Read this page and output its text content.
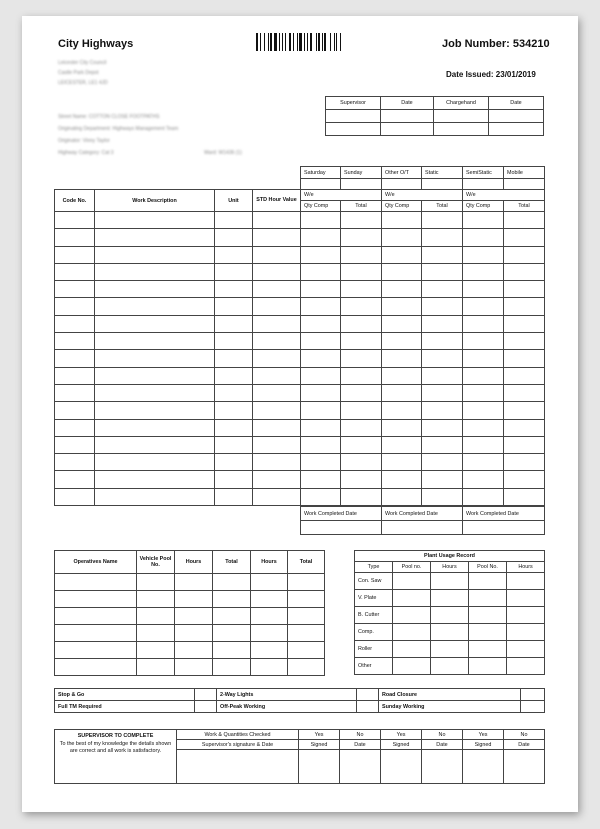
City Highways	Job Number: 534210
Date Issued: 23/01/2019
Leicester City Council
Castle Park Depot
LEICESTER, LE1 4JD
Street Name: COTTON CLOSE FOOTPATHS
Originating Department: Highways Management Team
Originator: Vinny Taylor
Highway Category: Cat 3	Ward: W1436 (1)
Supervisor	Date	Chargehand	Date

Saturday	Sunday	Other O/T	Static	SemiStatic	Mobile

Code No.	Work Description	Unit	STD Hour Value	W/e		W/e		W/e	
				Qty Comp	Total	Qty Comp	Total	Qty Comp	Total

Work Completed Date	Work Completed Date	Work Completed Date

Operatives Name	Vehicle Pool No.	Hours	Total	Hours	Total

Plant Usage Record				
Type	Pool no.	Hours	Pool No.	Hours
Con. Saw				
V. Plate				
B. Cutter				
Comp.				
Roller				
Other				
Stop & Go		2-Way Lights		Road Closure	
Full TM Required		Off-Peak Working		Sunday Working	
SUPERVISOR TO COMPLETE
To the best of my knowledge the details shown are correct and all work is satisfactory.	Work & Quantities Checked	Yes	No	Yes	No	Yes	No
	Supervisor's signature & Date	Signed	Date	Signed	Date	Signed	Date
